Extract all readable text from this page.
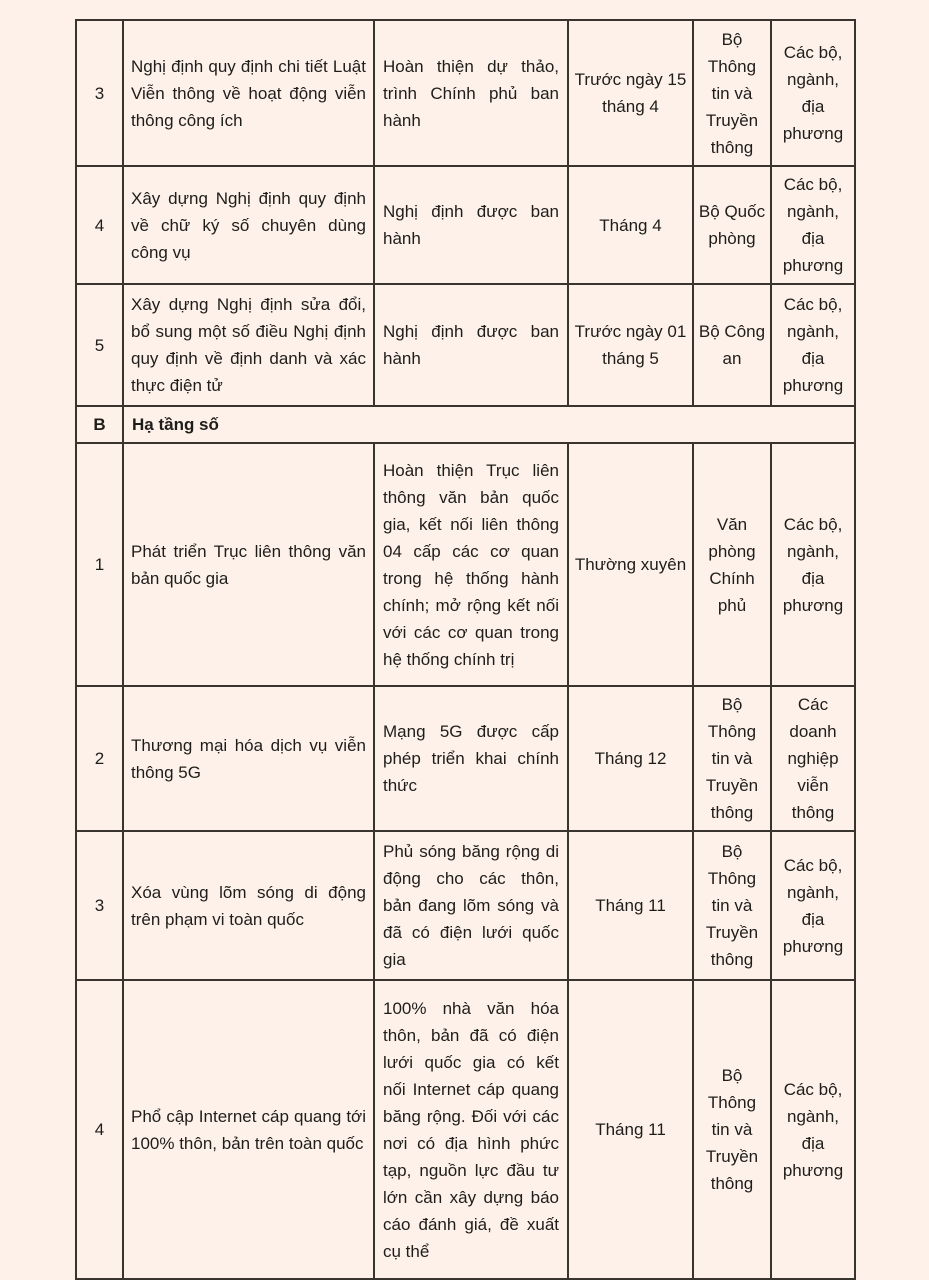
3	Nghị định quy định chi tiết Luật Viễn thông về hoạt động viễn thông công ích	Hoàn thiện dự thảo, trình Chính phủ ban hành	Trước ngày 15 tháng 4	Bộ Thông tin và Truyền thông	Các bộ, ngành, địa phương
4	Xây dựng Nghị định quy định về chữ ký số chuyên dùng công vụ	Nghị định được ban hành	Tháng 4	Bộ Quốc phòng	Các bộ, ngành, địa phương
5	Xây dựng Nghị định sửa đổi, bổ sung một số điều Nghị định quy định về định danh và xác thực điện tử	Nghị định được ban hành	Trước ngày 01 tháng 5	Bộ Công an	Các bộ, ngành, địa phương
B	Hạ tầng số				
1	Phát triển Trục liên thông văn bản quốc gia	Hoàn thiện Trục liên thông văn bản quốc gia, kết nối liên thông 04 cấp các cơ quan trong hệ thống hành chính; mở rộng kết nối với các cơ quan trong hệ thống chính trị	Thường xuyên	Văn phòng Chính phủ	Các bộ, ngành, địa phương
2	Thương mại hóa dịch vụ viễn thông 5G	Mạng 5G được cấp phép triển khai chính thức	Tháng 12	Bộ Thông tin và Truyền thông	Các doanh nghiệp viễn thông
3	Xóa vùng lõm sóng di động trên phạm vi toàn quốc	Phủ sóng băng rộng di động cho các thôn, bản đang lõm sóng và đã có điện lưới quốc gia	Tháng 11	Bộ Thông tin và Truyền thông	Các bộ, ngành, địa phương
4	Phổ cập Internet cáp quang tới 100% thôn, bản trên toàn quốc	100% nhà văn hóa thôn, bản đã có điện lưới quốc gia có kết nối Internet cáp quang băng rộng. Đối với các nơi có địa hình phức tạp, nguồn lực đầu tư lớn cần xây dựng báo cáo đánh giá, đề xuất cụ thể	Tháng 11	Bộ Thông tin và Truyền thông	Các bộ, ngành, địa phương
